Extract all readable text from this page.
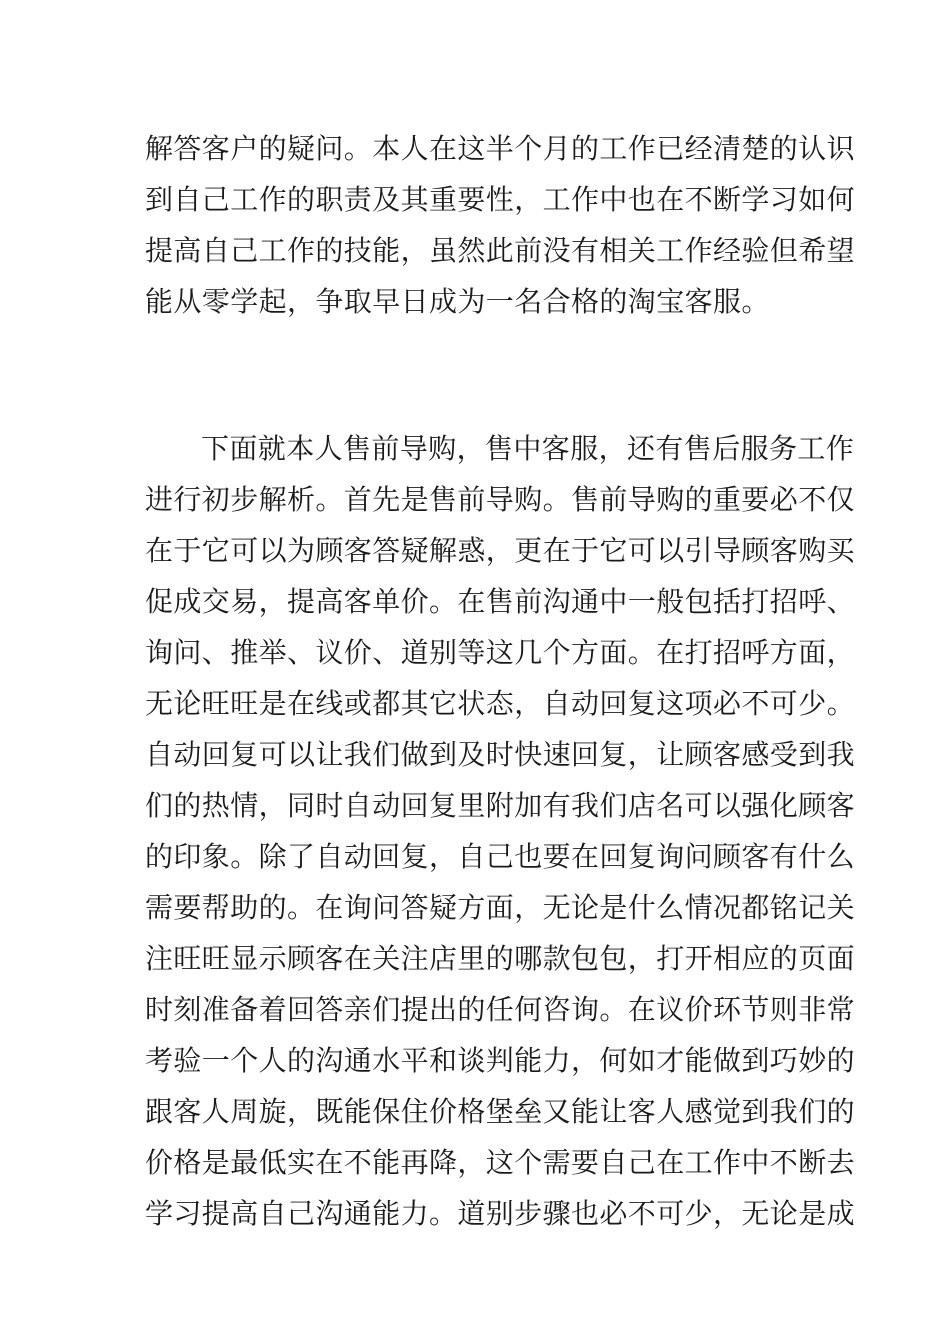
解答客户的疑问。本人在这半个月的工作已经清楚的认识
到自己工作的职责及其重要性，工作中也在不断学习如何
提高自己工作的技能，虽然此前没有相关工作经验但希望
能从零学起，争取早日成为一名合格的淘宝客服。
下面就本人售前导购，售中客服，还有售后服务工作
进行初步解析。首先是售前导购。售前导购的重要必不仅
在于它可以为顾客答疑解惑，更在于它可以引导顾客购买
促成交易，提高客单价。在售前沟通中一般包括打招呼、
询问、推举、议价、道别等这几个方面。在打招呼方面，
无论旺旺是在线或都其它状态，自动回复这项必不可少。
自动回复可以让我们做到及时快速回复，让顾客感受到我
们的热情，同时自动回复里附加有我们店名可以强化顾客
的印象。除了自动回复，自己也要在回复询问顾客有什么
需要帮助的。在询问答疑方面，无论是什么情况都铭记关
注旺旺显示顾客在关注店里的哪款包包，打开相应的页面
时刻准备着回答亲们提出的任何咨询。在议价环节则非常
考验一个人的沟通水平和谈判能力，何如才能做到巧妙的
跟客人周旋，既能保住价格堡垒又能让客人感觉到我们的
价格是最低实在不能再降，这个需要自己在工作中不断去
学习提高自己沟通能力。道别步骤也必不可少，无论是成
